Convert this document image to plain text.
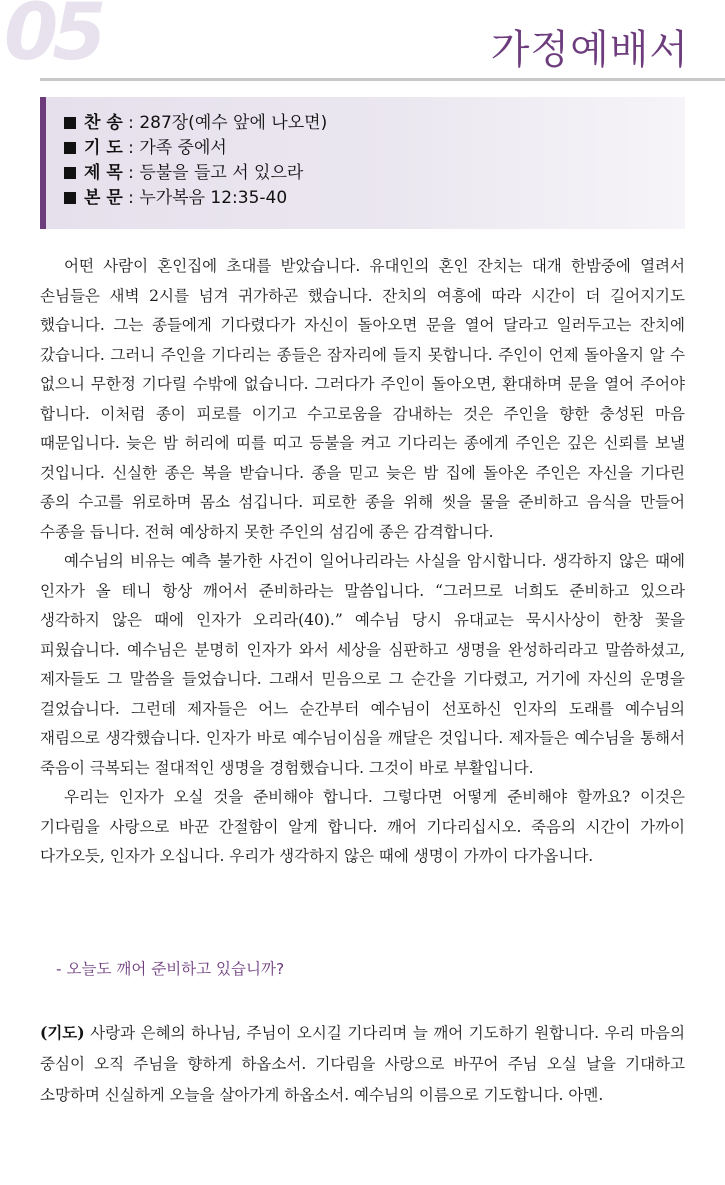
05	가정예배서
찬 송 : 287장(예수 앞에 나오면)
기 도 : 가족 중에서
제 목 : 등불을 들고 서 있으라
본 문 : 누가복음 12:35-40

어떤 사람이 혼인집에 초대를 받았습니다. 유대인의 혼인 잔치는 대개 한밤중에 열려서 손님들은 새벽 2시를 넘겨 귀가하곤 했습니다. 잔치의 여흥에 따라 시간이 더 길어지기도 했습니다. 그는 종들에게 기다렸다가 자신이 돌아오면 문을 열어 달라고 일러두고는 잔치에 갔습니다. 그러니 주인을 기다리는 종들은 잠자리에 들지 못합니다. 주인이 언제 돌아올지 알 수 없으니 무한정 기다릴 수밖에 없습니다. 그러다가 주인이 돌아오면, 환대하며 문을 열어 주어야 합니다. 이처럼 종이 피로를 이기고 수고로움을 감내하는 것은 주인을 향한 충성된 마음 때문입니다. 늦은 밤 허리에 띠를 띠고 등불을 켜고 기다리는 종에게 주인은 깊은 신뢰를 보낼 것입니다. 신실한 종은 복을 받습니다. 종을 믿고 늦은 밤 집에 돌아온 주인은 자신을 기다린 종의 수고를 위로하며 몸소 섬깁니다. 피로한 종을 위해 씻을 물을 준비하고 음식을 만들어 수종을 듭니다. 전혀 예상하지 못한 주인의 섬김에 종은 감격합니다.

예수님의 비유는 예측 불가한 사건이 일어나리라는 사실을 암시합니다. 생각하지 않은 때에 인자가 올 테니 항상 깨어서 준비하라는 말씀입니다. “그러므로 너희도 준비하고 있으라 생각하지 않은 때에 인자가 오리라(40).” 예수님 당시 유대교는 묵시사상이 한창 꽃을 피웠습니다. 예수님은 분명히 인자가 와서 세상을 심판하고 생명을 완성하리라고 말씀하셨고, 제자들도 그 말씀을 들었습니다. 그래서 믿음으로 그 순간을 기다렸고, 거기에 자신의 운명을 걸었습니다. 그런데 제자들은 어느 순간부터 예수님이 선포하신 인자의 도래를 예수님의 재림으로 생각했습니다. 인자가 바로 예수님이심을 깨달은 것입니다. 제자들은 예수님을 통해서 죽음이 극복되는 절대적인 생명을 경험했습니다. 그것이 바로 부활입니다.

우리는 인자가 오실 것을 준비해야 합니다. 그렇다면 어떻게 준비해야 할까요? 이것은 기다림을 사랑으로 바꾼 간절함이 알게 합니다. 깨어 기다리십시오. 죽음의 시간이 가까이 다가오듯, 인자가 오십니다. 우리가 생각하지 않은 때에 생명이 가까이 다가옵니다.

- 오늘도 깨어 준비하고 있습니까?
(기도) 사랑과 은혜의 하나님, 주님이 오시길 기다리며 늘 깨어 기도하기 원합니다. 우리 마음의 중심이 오직 주님을 향하게 하옵소서. 기다림을 사랑으로 바꾸어 주님 오실 날을 기대하고 소망하며 신실하게 오늘을 살아가게 하옵소서. 예수님의 이름으로 기도합니다. 아멘.
